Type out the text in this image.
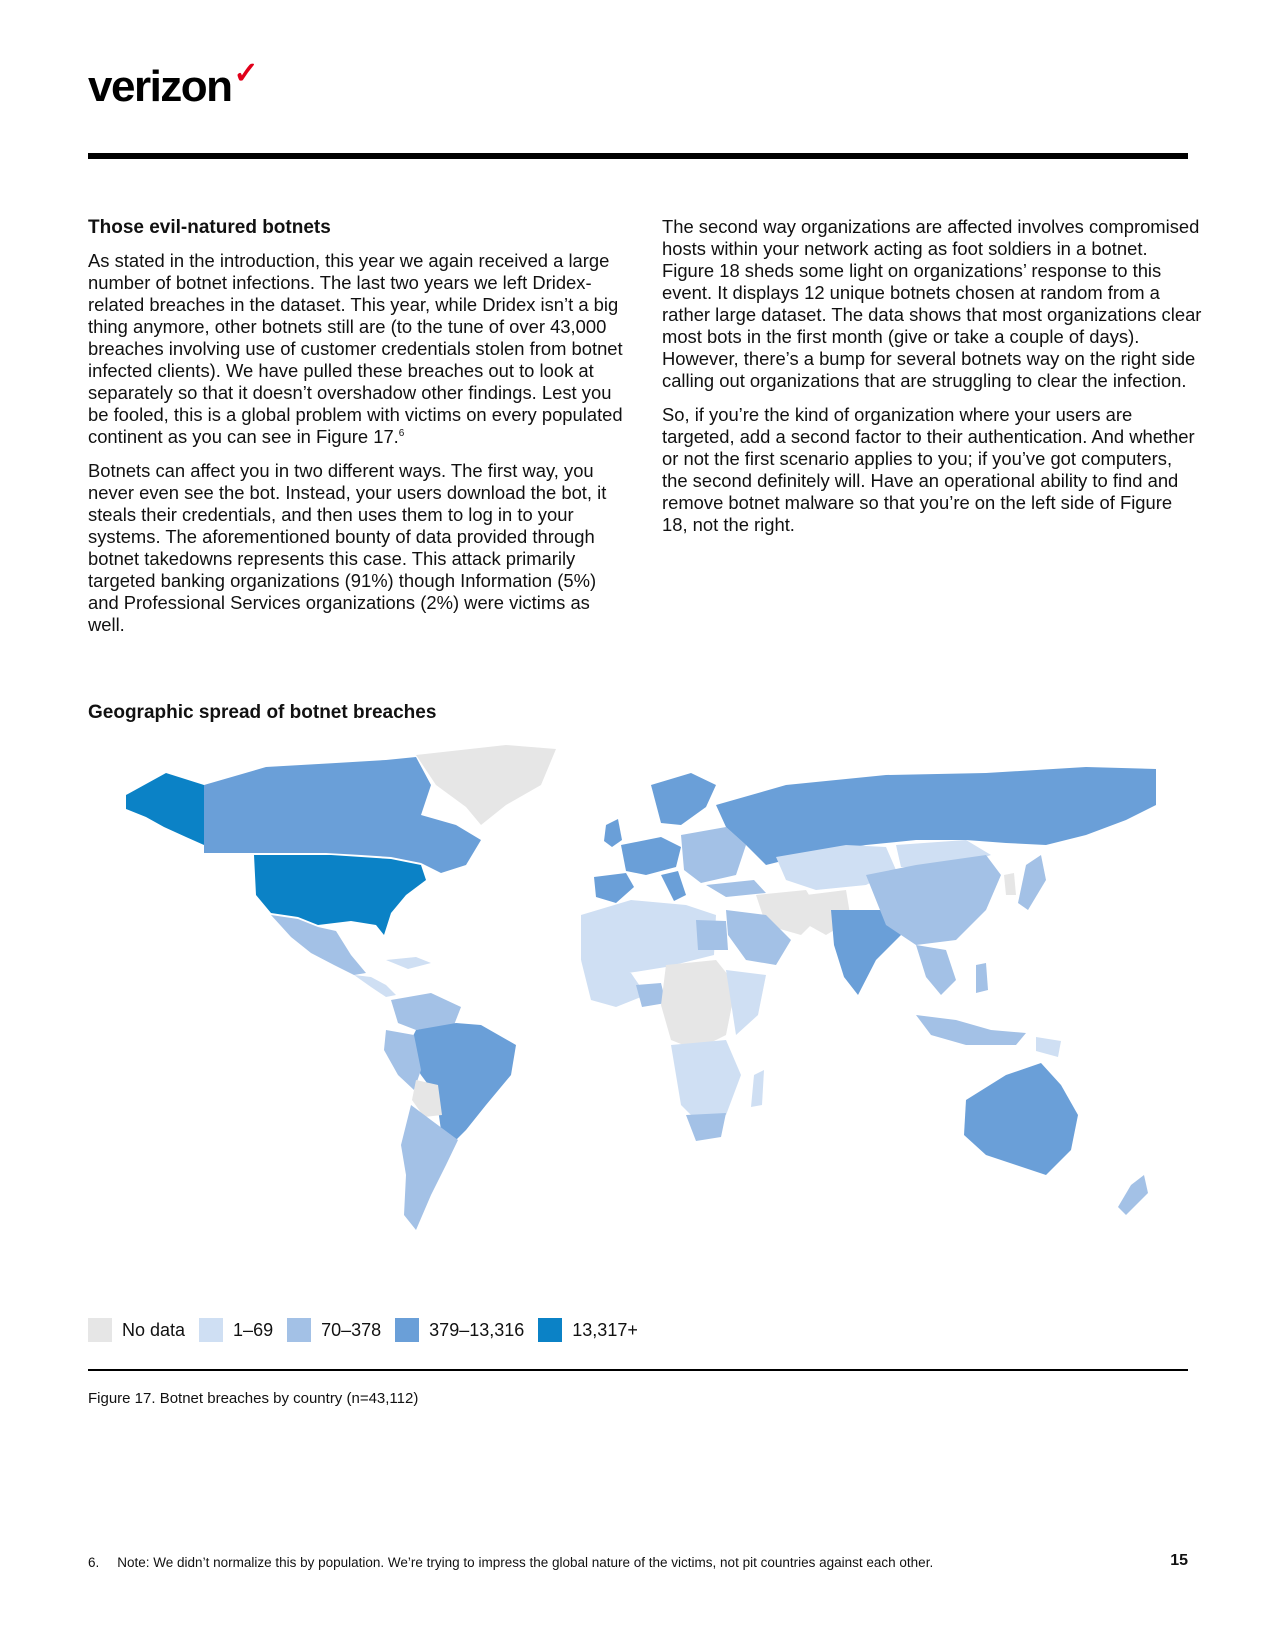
verizon ✓
Those evil-natured botnets

As stated in the introduction, this year we again received a large number of botnet infections. The last two years we left Dridex-related breaches in the dataset. This year, while Dridex isn’t a big thing anymore, other botnets still are (to the tune of over 43,000 breaches involving use of customer credentials stolen from botnet infected clients). We have pulled these breaches out to look at separately so that it doesn’t overshadow other findings. Lest you be fooled, this is a global problem with victims on every populated continent as you can see in Figure 17.$^6$

Botnets can affect you in two different ways. The first way, you never even see the bot. Instead, your users download the bot, it steals their credentials, and then uses them to log in to your systems. The aforementioned bounty of data provided through botnet takedowns represents this case. This attack primarily targeted banking organizations (91%) though Information (5%) and Professional Services organizations (2%) were victims as well.

The second way organizations are affected involves compromised hosts within your network acting as foot soldiers in a botnet. Figure 18 sheds some light on organizations’ response to this event. It displays 12 unique botnets chosen at random from a rather large dataset. The data shows that most organizations clear most bots in the first month (give or take a couple of days). However, there’s a bump for several botnets way on the right side calling out organizations that are struggling to clear the infection.

So, if you’re the kind of organization where your users are targeted, add a second factor to their authentication. And whether or not the first scenario applies to you; if you’ve got computers, the second definitely will. Have an operational ability to find and remove botnet malware so that you’re on the left side of Figure 18, not the right.

Geographic spread of botnet breaches
No data	1–69	70–378	379–13,316	13,317+
Figure 17. Botnet breaches by country (n=43,112)
6. Note: We didn’t normalize this by population. We’re trying to impress the global nature of the victims, not pit countries against each other.	15
